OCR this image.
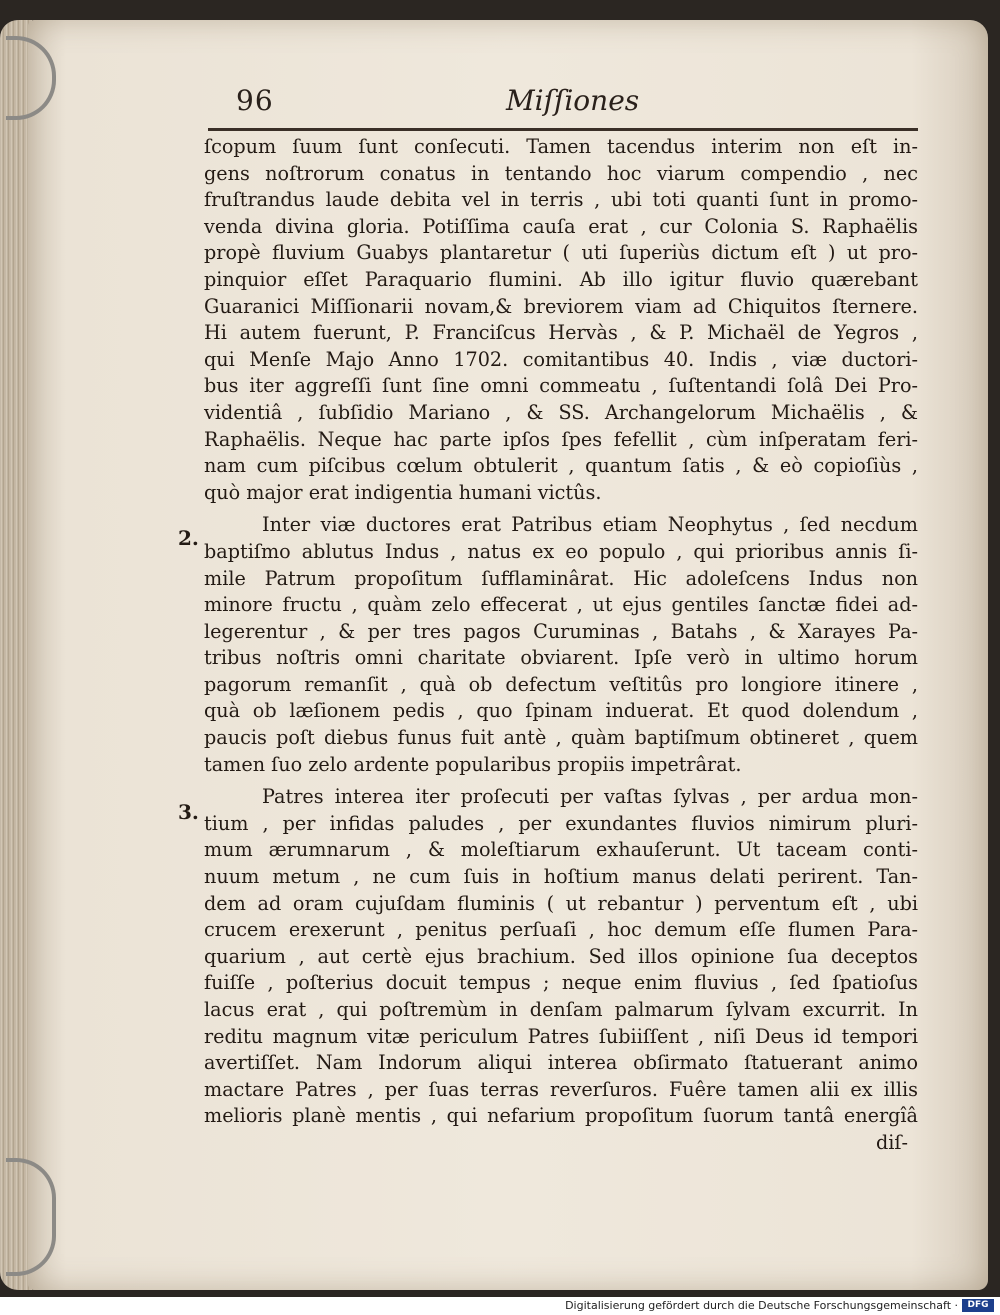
96	Miſſiones
2.
3.
ſcopum ſuum ſunt conſecuti. Tamen tacendus interim non eſt in-
gens noſtrorum conatus in tentando hoc viarum compendio , nec
fruſtrandus laude debita vel in terris , ubi toti quanti ſunt in promo-
venda divina gloria. Potiſſima cauſa erat , cur Colonia S. Raphaëlis
propè fluvium Guabys plantaretur ( uti ſuperiùs dictum eſt ) ut pro-
pinquior eſſet Paraquario flumini. Ab illo igitur fluvio quærebant
Guaranici Miſſionarii novam,& breviorem viam ad Chiquitos ſternere.
Hi autem fuerunt, P. Franciſcus Hervàs , & P. Michaël de Yegros ,
qui Menſe Majo Anno 1702. comitantibus 40. Indis , viæ ductori-
bus iter aggreſſi ſunt ſine omni commeatu , ſuſtentandi ſolâ Dei Pro-
videntiâ , ſubſidio Mariano , & SS. Archangelorum Michaëlis , &
Raphaëlis. Neque hac parte ipſos ſpes fefellit , cùm inſperatam feri-
nam cum piſcibus cœlum obtulerit , quantum ſatis , & eò copioſiùs ,
quò major erat indigentia humani victûs.
Inter viæ ductores erat Patribus etiam Neophytus , ſed necdum
baptiſmo ablutus Indus , natus ex eo populo , qui prioribus annis ſi-
mile Patrum propoſitum ſufflaminârat. Hic adoleſcens Indus non
minore fructu , quàm zelo effecerat , ut ejus gentiles ſanctæ fidei ad-
legerentur , & per tres pagos Curuminas , Batahs , & Xarayes Pa-
tribus noſtris omni charitate obviarent. Ipſe verò in ultimo horum
pagorum remanſit , quà ob defectum veſtitûs pro longiore itinere ,
quà ob læſionem pedis , quo ſpinam induerat. Et quod dolendum ,
paucis poſt diebus funus fuit antè , quàm baptiſmum obtineret , quem
tamen ſuo zelo ardente popularibus propiis impetrârat.
Patres interea iter proſecuti per vaſtas ſylvas , per ardua mon-
tium , per infidas paludes , per exundantes fluvios nimirum pluri-
mum ærumnarum , & moleſtiarum exhauſerunt. Ut taceam conti-
nuum metum , ne cum ſuis in hoſtium manus delati perirent. Tan-
dem ad oram cujuſdam fluminis ( ut rebantur ) perventum eſt , ubi
crucem erexerunt , penitus perſuaſi , hoc demum eſſe flumen Para-
quarium , aut certè ejus brachium. Sed illos opinione ſua deceptos
fuiſſe , poſterius docuit tempus ; neque enim fluvius , ſed ſpatioſus
lacus erat , qui poſtremùm in denſam palmarum ſylvam excurrit. In
reditu magnum vitæ periculum Patres ſubiiſſent , niſi Deus id tempori
avertiſſet. Nam Indorum aliqui interea obſirmato ſtatuerant animo
mactare Patres , per ſuas terras reverſuros. Fuêre tamen alii ex illis
melioris planè mentis , qui nefarium propoſitum ſuorum tantâ energîâ
diſ-
Digitalisierung gefördert durch die Deutsche Forschungsgemeinschaft ·	DFG
